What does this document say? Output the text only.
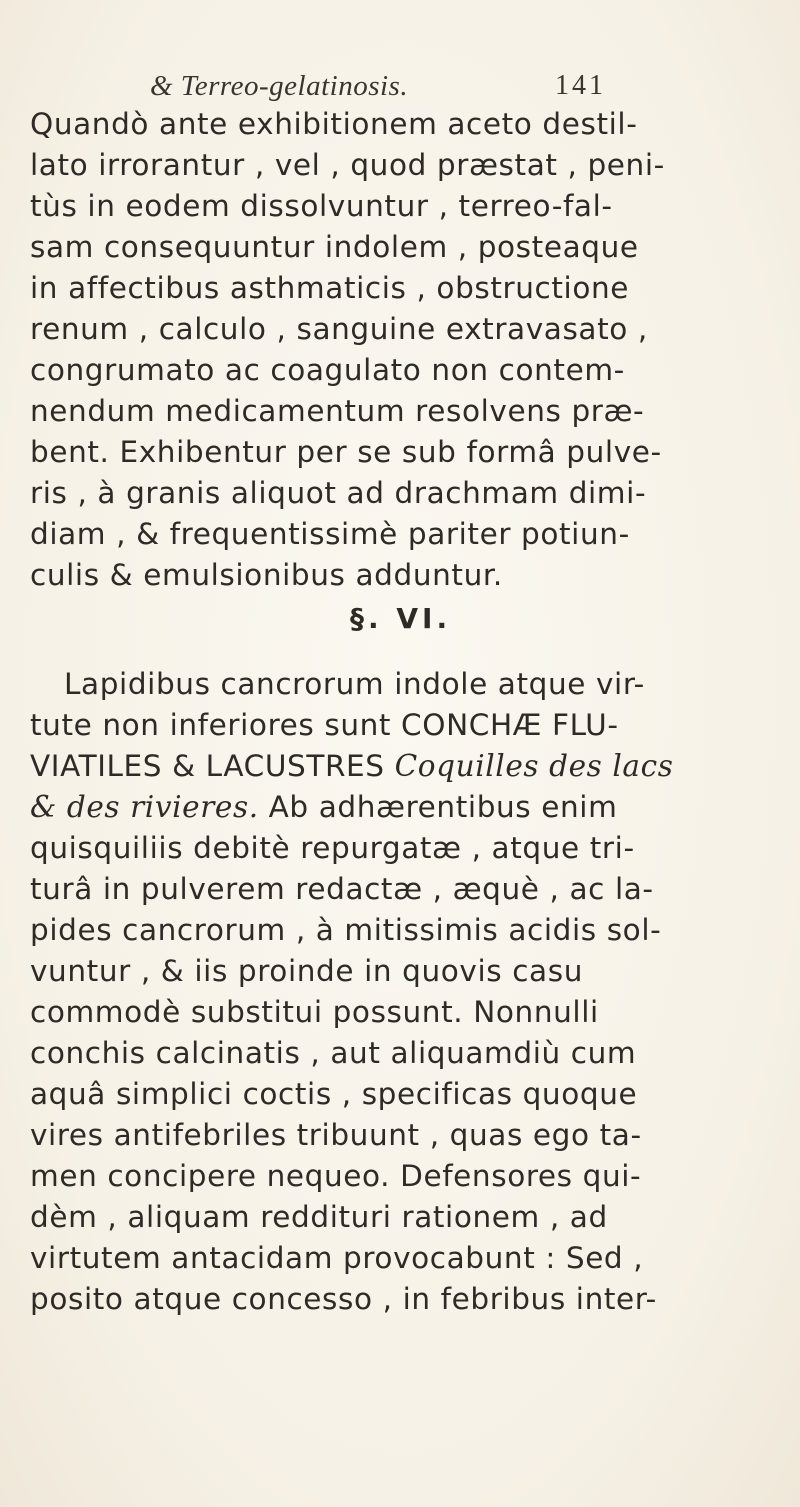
& Terreo-gelatinosis.	141
Quandò ante exhibitionem aceto destil-
lato irrorantur , vel , quod præstat , peni-
tùs in eodem dissolvuntur , terreo-fal-
sam consequuntur indolem , posteaque
in affectibus asthmaticis , obstructione
renum , calculo , sanguine extravasato ,
congrumato ac coagulato non contem-
nendum medicamentum resolvens præ-
bent. Exhibentur per se sub formâ pulve-
ris , à granis aliquot ad drachmam dimi-
diam , & frequentissimè pariter potiun-
culis & emulsionibus adduntur.
§. VI.
Lapidibus cancrorum indole atque vir-
tute non inferiores sunt CONCHÆ FLU-
VIATILES & LACUSTRES Coquilles des lacs
& des rivieres. Ab adhærentibus enim
quisquiliis debitè repurgatæ , atque tri-
turâ in pulverem redactæ , æquè , ac la-
pides cancrorum , à mitissimis acidis sol-
vuntur , & iis proinde in quovis casu
commodè substitui possunt. Nonnulli
conchis calcinatis , aut aliquamdiù cum
aquâ simplici coctis , specificas quoque
vires antifebriles tribuunt , quas ego ta-
men concipere nequeo. Defensores qui-
dèm , aliquam reddituri rationem , ad
virtutem antacidam provocabunt : Sed ,
posito atque concesso , in febribus inter-
